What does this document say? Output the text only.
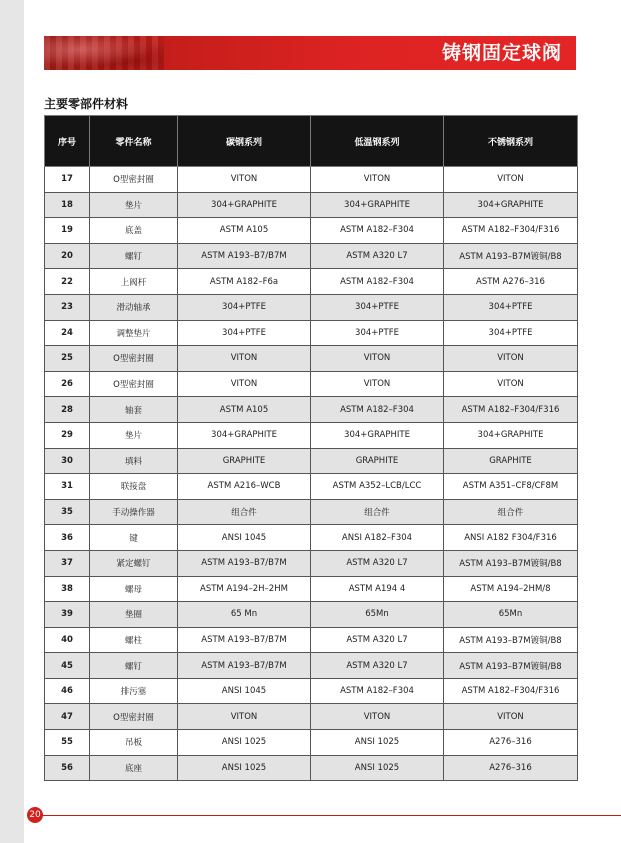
铸钢固定球阀
主要零部件材料
序号	零件名称	碳钢系列	低温钢系列	不锈钢系列
17	O型密封圈	VITON	VITON	VITON
18	垫片	304+GRAPHITE	304+GRAPHITE	304+GRAPHITE
19	底盖	ASTM A105	ASTM A182–F304	ASTM A182–F304/F316
20	螺钉	ASTM A193–B7/B7M	ASTM A320 L7	ASTM A193–B7M镀铜/B8
22	上阀杆	ASTM A182–F6a	ASTM A182–F304	ASTM A276–316
23	滑动轴承	304+PTFE	304+PTFE	304+PTFE
24	调整垫片	304+PTFE	304+PTFE	304+PTFE
25	O型密封圈	VITON	VITON	VITON
26	O型密封圈	VITON	VITON	VITON
28	轴套	ASTM A105	ASTM A182–F304	ASTM A182–F304/F316
29	垫片	304+GRAPHITE	304+GRAPHITE	304+GRAPHITE
30	填料	GRAPHITE	GRAPHITE	GRAPHITE
31	联接盘	ASTM A216–WCB	ASTM A352–LCB/LCC	ASTM A351–CF8/CF8M
35	手动操作器	组合件	组合件	组合件
36	键	ANSI 1045	ANSI A182–F304	ANSI A182 F304/F316
37	紧定螺钉	ASTM A193–B7/B7M	ASTM A320 L7	ASTM A193–B7M镀铜/B8
38	螺母	ASTM A194–2H–2HM	ASTM A194 4	ASTM A194–2HM/8
39	垫圈	65 Mn	65Mn	65Mn
40	螺柱	ASTM A193–B7/B7M	ASTM A320 L7	ASTM A193–B7M镀铜/B8
45	螺钉	ASTM A193–B7/B7M	ASTM A320 L7	ASTM A193–B7M镀铜/B8
46	排污塞	ANSI 1045	ASTM A182–F304	ASTM A182–F304/F316
47	O型密封圈	VITON	VITON	VITON
55	吊板	ANSI 1025	ANSI 1025	A276–316
56	底座	ANSI 1025	ANSI 1025	A276–316
20
